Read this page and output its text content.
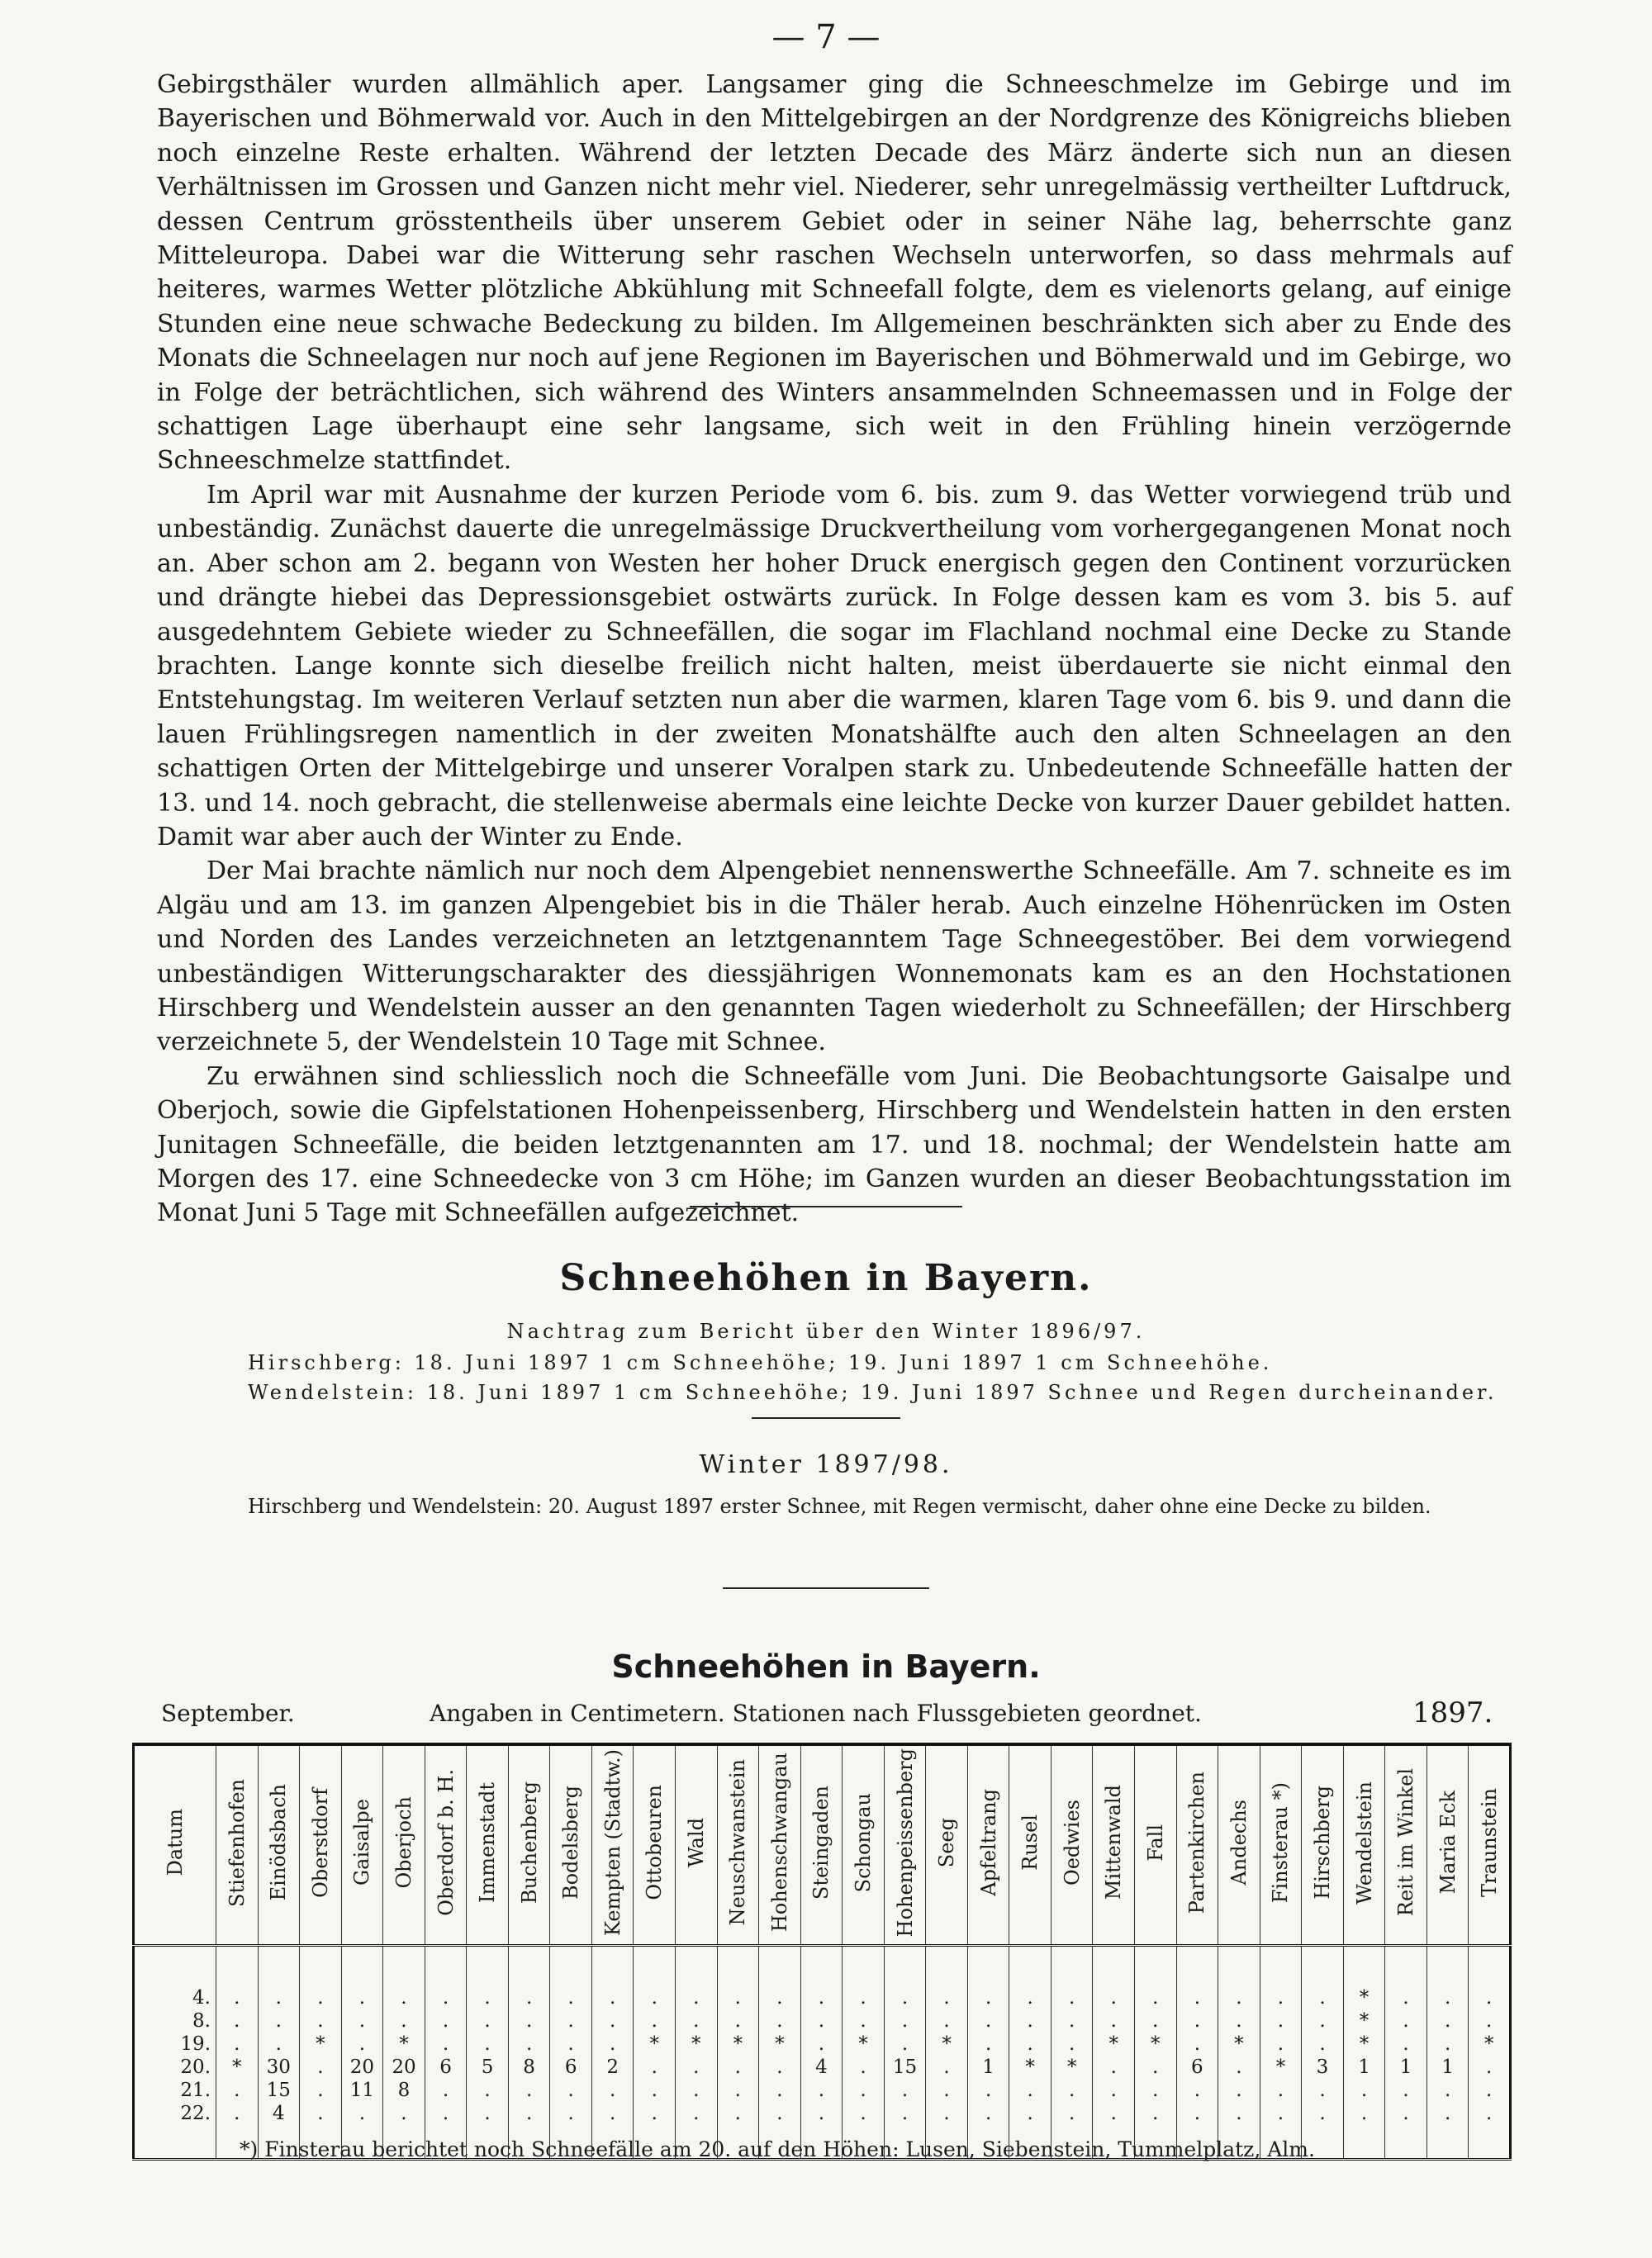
— 7 —

Gebirgsthäler wurden allmählich aper. Langsamer ging die Schneeschmelze im Gebirge und im Bayerischen und Böhmerwald vor. Auch in den Mittelgebirgen an der Nordgrenze des Königreichs blieben noch einzelne Reste erhalten. Während der letzten Decade des März änderte sich nun an diesen Verhältnissen im Grossen und Ganzen nicht mehr viel. Niederer, sehr unregelmässig vertheilter Luftdruck, dessen Centrum grösstentheils über unserem Gebiet oder in seiner Nähe lag, beherrschte ganz Mitteleuropa. Dabei war die Witterung sehr raschen Wechseln unterworfen, so dass mehrmals auf heiteres, warmes Wetter plötzliche Abkühlung mit Schneefall folgte, dem es vielenorts gelang, auf einige Stunden eine neue schwache Bedeckung zu bilden. Im Allgemeinen beschränkten sich aber zu Ende des Monats die Schneelagen nur noch auf jene Regionen im Bayerischen und Böhmerwald und im Gebirge, wo in Folge der beträchtlichen, sich während des Winters ansammelnden Schneemassen und in Folge der schattigen Lage überhaupt eine sehr langsame, sich weit in den Frühling hinein verzögernde Schneeschmelze stattfindet.

Im April war mit Ausnahme der kurzen Periode vom 6. bis. zum 9. das Wetter vorwiegend trüb und unbeständig. Zunächst dauerte die unregelmässige Druckvertheilung vom vorhergegangenen Monat noch an. Aber schon am 2. begann von Westen her hoher Druck energisch gegen den Continent vorzurücken und drängte hiebei das Depressionsgebiet ostwärts zurück. In Folge dessen kam es vom 3. bis 5. auf ausgedehntem Gebiete wieder zu Schneefällen, die sogar im Flachland nochmal eine Decke zu Stande brachten. Lange konnte sich dieselbe freilich nicht halten, meist überdauerte sie nicht einmal den Entstehungstag. Im weiteren Verlauf setzten nun aber die warmen, klaren Tage vom 6. bis 9. und dann die lauen Frühlingsregen namentlich in der zweiten Monatshälfte auch den alten Schneelagen an den schattigen Orten der Mittelgebirge und unserer Voralpen stark zu. Unbedeutende Schneefälle hatten der 13. und 14. noch gebracht, die stellenweise abermals eine leichte Decke von kurzer Dauer gebildet hatten. Damit war aber auch der Winter zu Ende.

Der Mai brachte nämlich nur noch dem Alpengebiet nennenswerthe Schneefälle. Am 7. schneite es im Algäu und am 13. im ganzen Alpengebiet bis in die Thäler herab. Auch einzelne Höhenrücken im Osten und Norden des Landes verzeichneten an letztgenanntem Tage Schneegestöber. Bei dem vorwiegend unbeständigen Witterungscharakter des diessjährigen Wonnemonats kam es an den Hochstationen Hirschberg und Wendelstein ausser an den genannten Tagen wiederholt zu Schneefällen; der Hirschberg verzeichnete 5, der Wendelstein 10 Tage mit Schnee.

Zu erwähnen sind schliesslich noch die Schneefälle vom Juni. Die Beobachtungsorte Gaisalpe und Oberjoch, sowie die Gipfelstationen Hohenpeissenberg, Hirschberg und Wendelstein hatten in den ersten Junitagen Schneefälle, die beiden letztgenannten am 17. und 18. nochmal; der Wendelstein hatte am Morgen des 17. eine Schneedecke von 3 cm Höhe; im Ganzen wurden an dieser Beobachtungsstation im Monat Juni 5 Tage mit Schneefällen aufgezeichnet.

Schneehöhen in Bayern.
Nachtrag zum Bericht über den Winter 1896/97.
Hirschberg: 18. Juni 1897 1 cm Schneehöhe; 19. Juni 1897 1 cm Schneehöhe.
Wendelstein: 18. Juni 1897 1 cm Schneehöhe; 19. Juni 1897 Schnee und Regen durcheinander.
Winter 1897/98.
Hirschberg und Wendelstein: 20. August 1897 erster Schnee, mit Regen vermischt, daher ohne eine Decke zu bilden.
Schneehöhen in Bayern.
September.	Angaben in Centimetern. Stationen nach Flussgebieten geordnet.	1897.
Datum	Stiefenhofen	Einödsbach	Oberstdorf	Gaisalpe	Oberjoch	Oberdorf b. H.	Immenstadt	Buchenberg	Bodelsberg	Kempten (Stadtw.)	Ottobeuren	Wald	Neuschwanstein	Hohenschwangau	Steingaden	Schongau	Hohenpeissenberg	Seeg	Apfeltrang	Rusel	Oedwies	Mittenwald	Fall	Partenkirchen	Andechs	Finsterau *)	Hirschberg	Wendelstein	Reit im Winkel	Maria Eck	Traunstein

4.	.	.	.	.	.	.	.	.	.	.	.	.	.	.	.	.	.	.	.	.	.	.	.	.	.	.	.	*	.	.	.
8.	.	.	.	.	.	.	.	.	.	.	.	.	.	.	.	.	.	.	.	.	.	.	.	.	.	.	.	*	.	.	.
19.	.	.	*	.	*	.	.	.	.	.	*	*	*	*	.	*	.	*	.	.	.	*	*	.	*	.	.	*	.	.	*
20.	*	30	.	20	20	6	5	8	6	2	.	.	.	.	4	.	15	.	1	*	*	.	.	6	.	*	3	1	1	1	.
21.	.	15	.	11	8	.	.	.	.	.	.	.	.	.	.	.	.	.	.	.	.	.	.	.	.	.	.	.	.	.	.
22.	.	4	.	.	.	.	.	.	.	.	.	.	.	.	.	.	.	.	.	.	.	.	.	.	.	.	.	.	.	.	.

*) Finsterau berichtet noch Schneefälle am 20. auf den Höhen: Lusen, Siebenstein, Tummelplatz, Alm.
